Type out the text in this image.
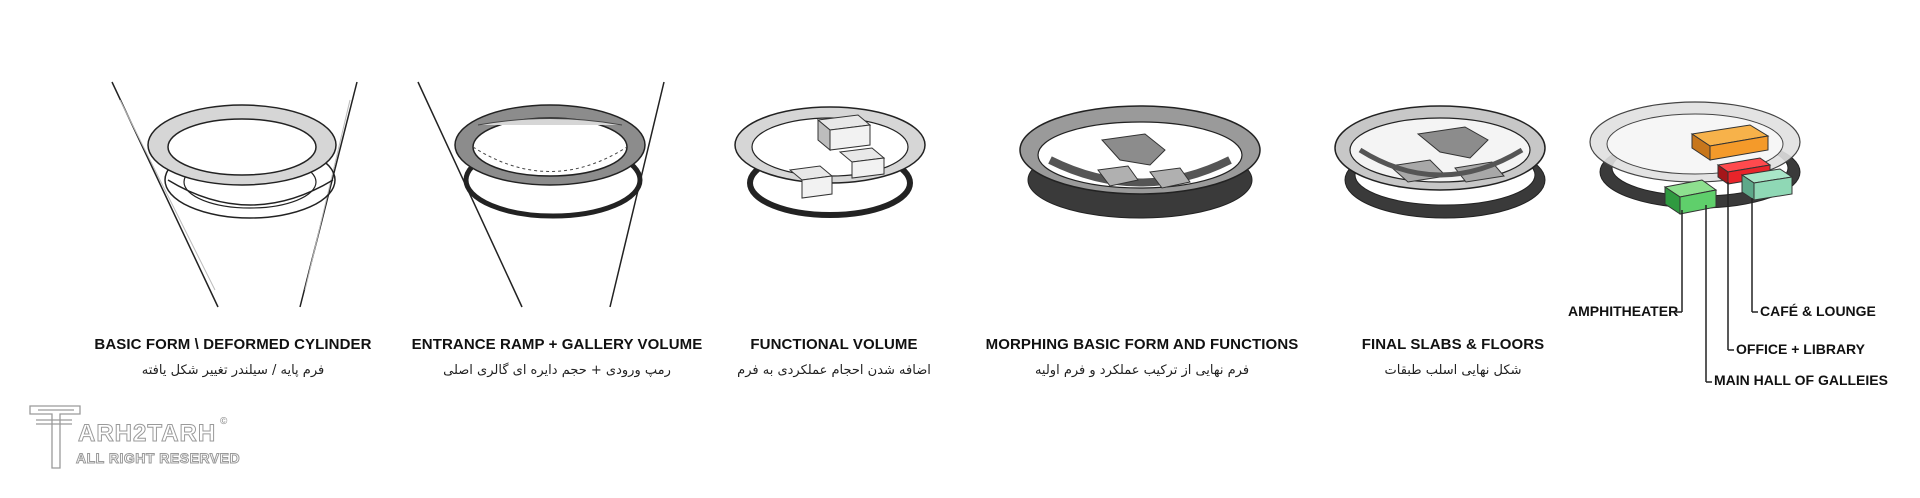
BASIC FORM \ DEFORMED CYLINDER
فرم پایه / سیلندر تغییر شکل یافته
ENTRANCE RAMP + GALLERY VOLUME
رمپ ورودی + حجم دایره ای گالری اصلی
FUNCTIONAL VOLUME
اضافه شدن احجام عملکردی به فرم
MORPHING BASIC FORM AND FUNCTIONS
فرم نهایی از ترکیب عملکرد و فرم اولیه
FINAL SLABS & FLOORS
شکل نهایی اسلب طبقات
AMPHITHEATER	CAFÉ & LOUNGE
OFFICE + LIBRARY
MAIN HALL OF GALLEIES
ARH2TARH
ALL RIGHT RESERVED
©
